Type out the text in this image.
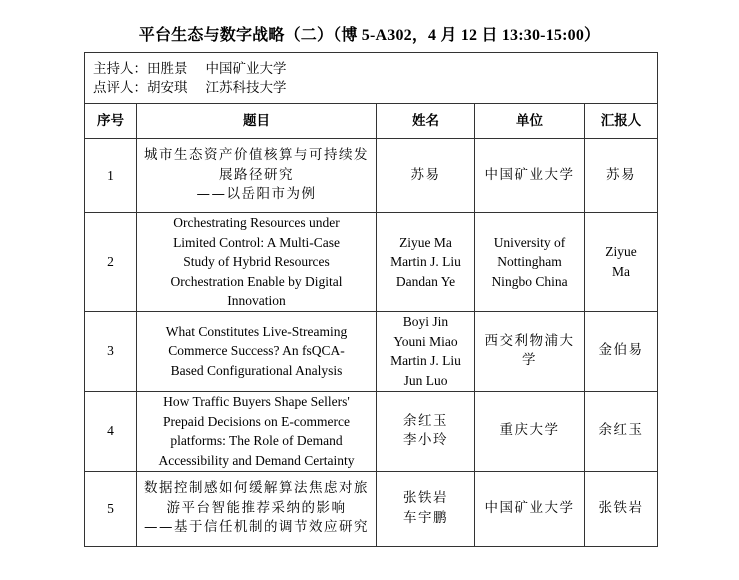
平台生态与数字战略（二）（博 5-A302，4 月 12 日 13:30-15:00）
主持人：田胜景 中国矿业大学
点评人：胡安琪 江苏科技大学				

序号	题目	姓名	单位	汇报人
1	城市生态资产价值核算与可持续发
展路径研究
——以岳阳市为例	苏易	中国矿业大学	苏易

2	Orchestrating Resources under
Limited Control: A Multi-Case
Study of Hybrid Resources
Orchestration Enable by Digital
Innovation	Ziyue Ma
Martin J. Liu
Dandan Ye	University of
Nottingham
Ningbo China	Ziyue
Ma

3	What Constitutes Live-Streaming
Commerce Success? An fsQCA-
Based Configurational Analysis	Boyi Jin
Youni Miao
Martin J. Liu
Jun Luo	西交利物浦大
学	金伯易

4	How Traffic Buyers Shape Sellers'
Prepaid Decisions on E-commerce
platforms: The Role of Demand
Accessibility and Demand Certainty	余红玉
李小玲	重庆大学	余红玉

5	数据控制感如何缓解算法焦虑对旅
游平台智能推荐采纳的影响
——基于信任机制的调节效应研究	张铁岩
车宇鹏	中国矿业大学	张铁岩
